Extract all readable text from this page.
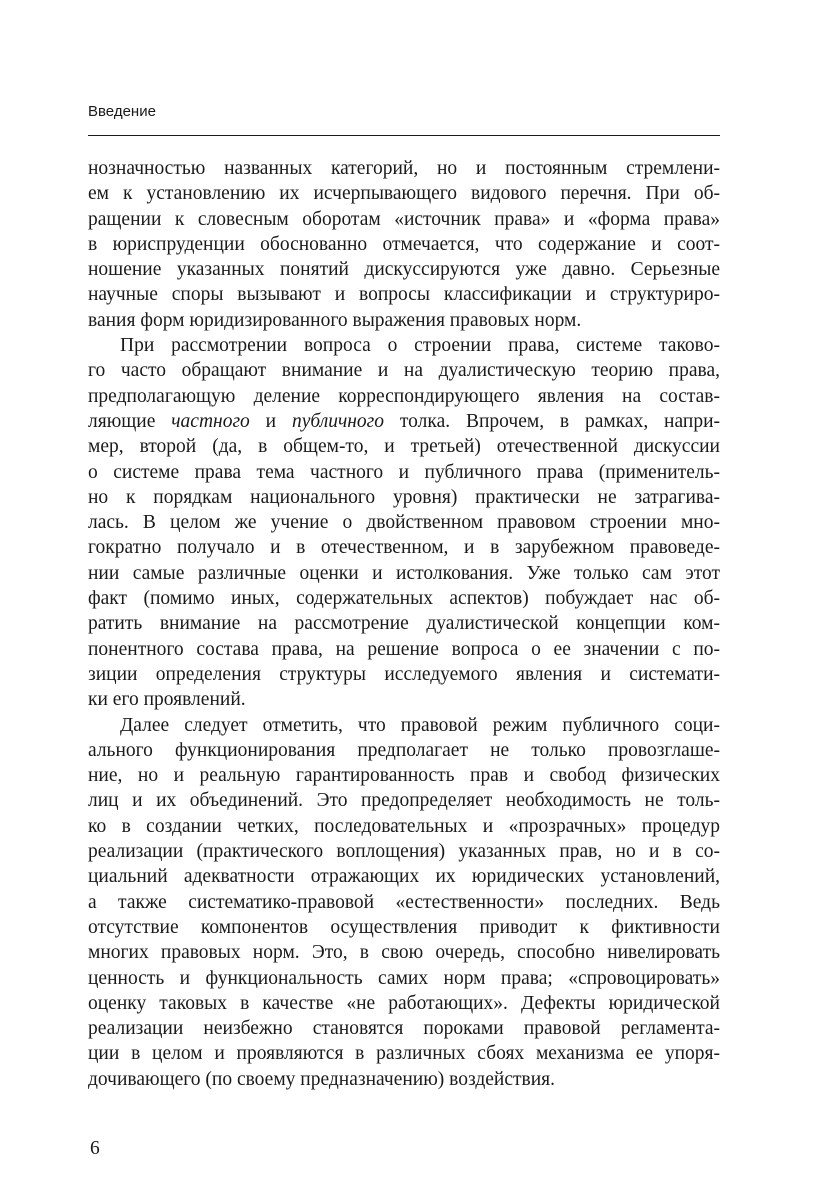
Введение
нозначностью названных категорий, но и постоянным стремлени-
ем к установлению их исчерпывающего видового перечня. При об-
ращении к словесным оборотам «источник права» и «форма права»
в юриспруденции обоснованно отмечается, что содержание и соот-
ношение указанных понятий дискуссируются уже давно. Серьезные
научные споры вызывают и вопросы классификации и структуриро-
вания форм юридизированного выражения правовых норм.
При рассмотрении вопроса о строении права, системе таково-
го часто обращают внимание и на дуалистическую теорию права,
предполагающую деление корреспондирующего явления на состав-
ляющие частного и публичного толка. Впрочем, в рамках, напри-
мер, второй (да, в общем-то, и третьей) отечественной дискуссии
о системе права тема частного и публичного права (применитель-
но к порядкам национального уровня) практически не затрагива-
лась. В целом же учение о двойственном правовом строении мно-
гократно получало и в отечественном, и в зарубежном правоведе-
нии самые различные оценки и истолкования. Уже только сам этот
факт (помимо иных, содержательных аспектов) побуждает нас об-
ратить внимание на рассмотрение дуалистической концепции ком-
понентного состава права, на решение вопроса о ее значении с по-
зиции определения структуры исследуемого явления и системати-
ки его проявлений.
Далее следует отметить, что правовой режим публичного соци-
ального функционирования предполагает не только провозглаше-
ние, но и реальную гарантированность прав и свобод физических
лиц и их объединений. Это предопределяет необходимость не толь-
ко в создании четких, последовательных и «прозрачных» процедур
реализации (практического воплощения) указанных прав, но и в со-
циальний адекватности отражающих их юридических установлений,
а также систематико-правовой «естественности» последних. Ведь
отсутствие компонентов осуществления приводит к фиктивности
многих правовых норм. Это, в свою очередь, способно нивелировать
ценность и функциональность самих норм права; «спровоцировать»
оценку таковых в качестве «не работающих». Дефекты юридической
реализации неизбежно становятся пороками правовой регламента-
ции в целом и проявляются в различных сбоях механизма ее упоря-
дочивающего (по своему предназначению) воздействия.
6
